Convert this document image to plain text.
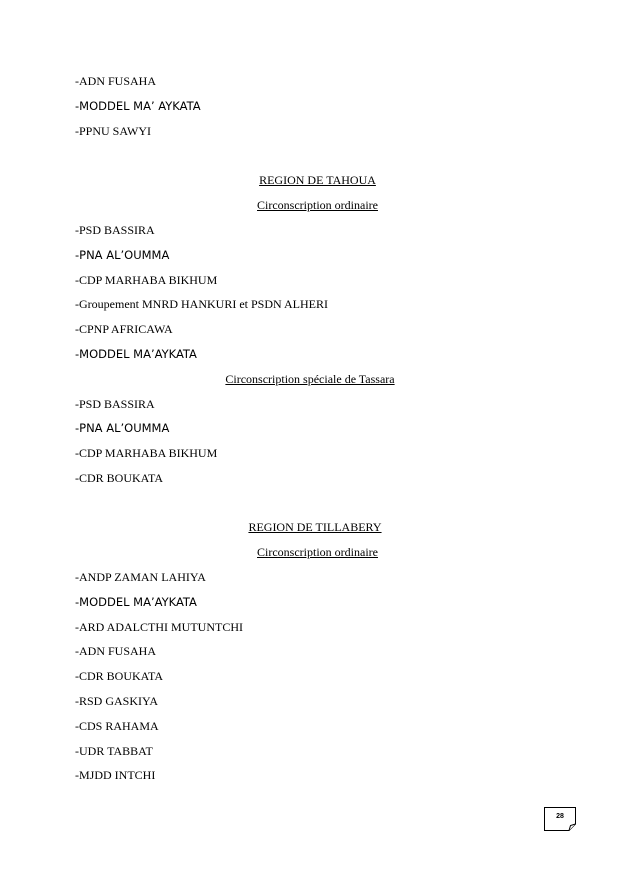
-ADN FUSAHA
-MODDEL MA’ AYKATA
-PPNU SAWYI
REGION DE TAHOUA
Circonscription ordinaire
-PSD BASSIRA
-PNA AL’OUMMA
-CDP MARHABA BIKHUM
-Groupement MNRD HANKURI et PSDN ALHERI
-CPNP AFRICAWA
-MODDEL MA’AYKATA
Circonscription spéciale de Tassara
-PSD BASSIRA
-PNA AL’OUMMA
-CDP MARHABA BIKHUM
-CDR BOUKATA
REGION DE TILLABERY
Circonscription ordinaire
-ANDP ZAMAN LAHIYA
-MODDEL MA’AYKATA
-ARD ADALCTHI MUTUNTCHI
-ADN FUSAHA
-CDR BOUKATA
-RSD GASKIYA
-CDS RAHAMA
-UDR TABBAT
-MJDD INTCHI
28
